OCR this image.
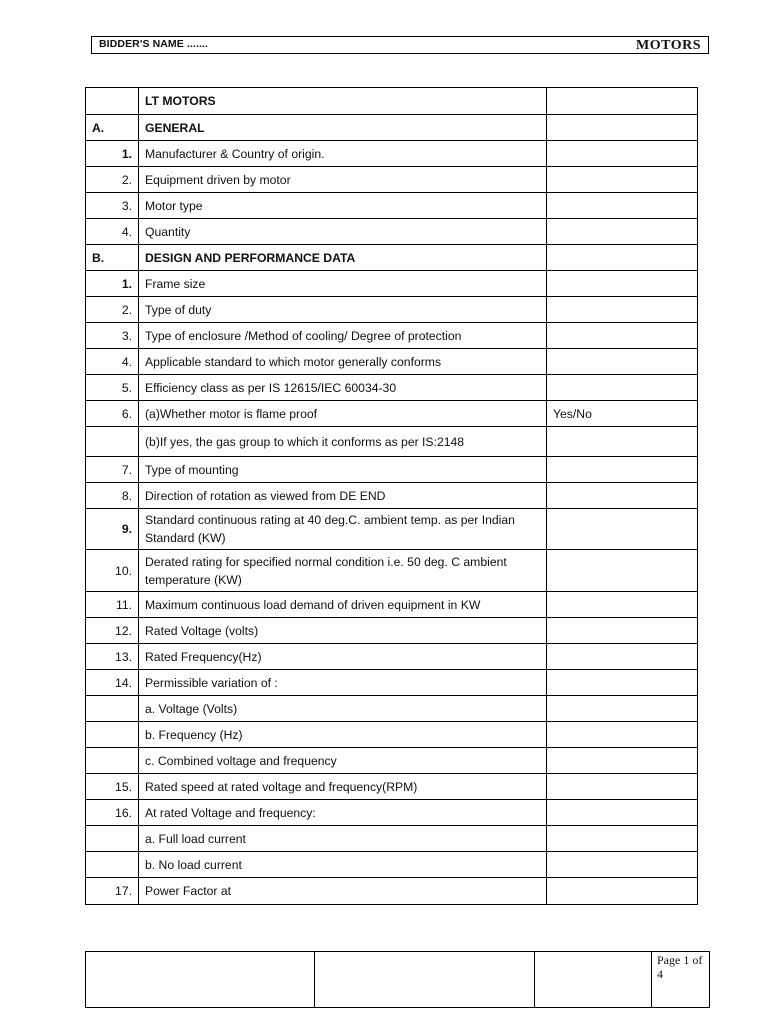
BIDDER'S NAME .......	MOTORS
	LT MOTORS	
A.	GENERAL	
1.	Manufacturer & Country of origin.	
2.	Equipment driven by motor	
3.	Motor type	
4.	Quantity	
B.	DESIGN AND PERFORMANCE DATA	
1.	Frame size	
2.	Type of duty	
3.	Type of enclosure /Method of cooling/ Degree of protection	
4.	Applicable standard to which motor generally conforms	
5.	Efficiency class as per IS 12615/IEC 60034-30	
6.	(a)Whether motor is flame proof	Yes/No
	(b)If yes, the gas group to which it conforms as per IS:2148	
7.	Type of mounting	
8.	Direction of rotation as viewed from DE END	
9.	Standard continuous rating at 40 deg.C. ambient temp. as per Indian Standard (KW)	
10.	Derated rating for specified normal condition i.e. 50 deg. C ambient temperature (KW)	
11.	Maximum continuous load demand of driven equipment in KW	
12.	Rated Voltage (volts)	
13.	Rated Frequency(Hz)	
14.	Permissible variation of :	
	a. Voltage (Volts)	
	b. Frequency (Hz)	
	c. Combined voltage and frequency	
15.	Rated speed at rated voltage and frequency(RPM)	
16.	At rated Voltage and frequency:	
	a. Full load current	
	b. No load current	
17.	Power Factor at	
Page 1 of 4
